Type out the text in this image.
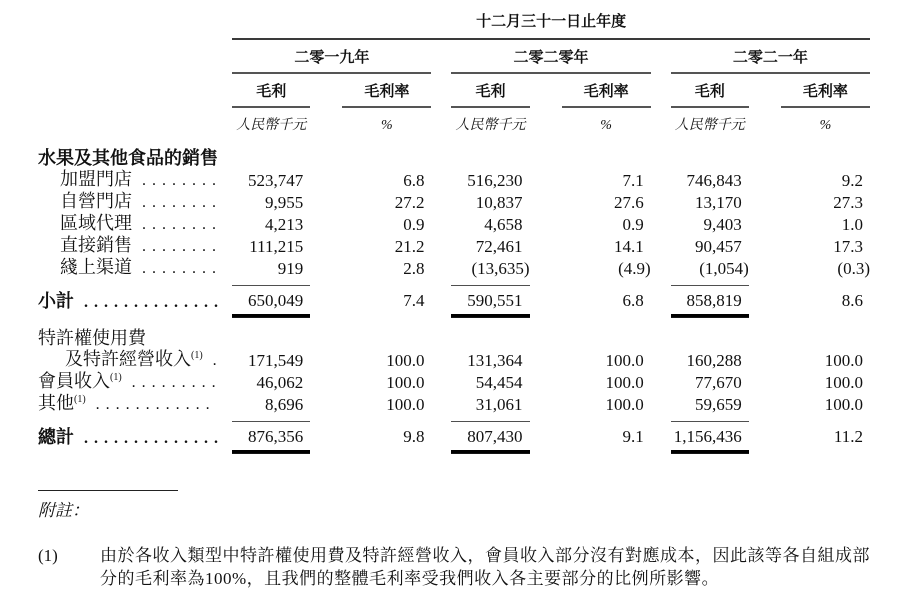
	十二月三十一日止年度					

	二零一九年		二零二零年		二零二一年	

	毛利	毛利率	毛利	毛利率	毛利	毛利率

	人民幣千元	%	人民幣千元	%	人民幣千元	%

水果及其他食品的銷售						

加盟門店 ........	523,747	6.8	516,230	7.1	746,843	9.2

自營門店 ........	9,955	27.2	10,837	27.6	13,170	27.3

區域代理 ........	4,213	0.9	4,658	0.9	9,403	1.0

直接銷售 ........	111,215	21.2	72,461	14.1	90,457	17.3

綫上渠道 ........	919	2.8	(13,635)	(4.9)	(1,054)	(0.3)
小計 ..............	650,049	7.4	590,551	6.8	858,819	8.6

特許權使用費
及特許經營收入$^{(1)}$ .	171,549	100.0	131,364	100.0	160,288	100.0
會員收入$^{(1)}$ .........	46,062	100.0	54,454	100.0	77,670	100.0
其他$^{(1)}$ ............	8,696	100.0	31,061	100.0	59,659	100.0
總計 ..............	876,356	9.8	807,430	9.1	1,156,436	11.2
附註：
(1)	由於各收入類型中特許權使用費及特許經營收入，會員收入部分沒有對應成本，因此該等各自組成部分的毛利率為100%，且我們的整體毛利率受我們收入各主要部分的比例所影響。
